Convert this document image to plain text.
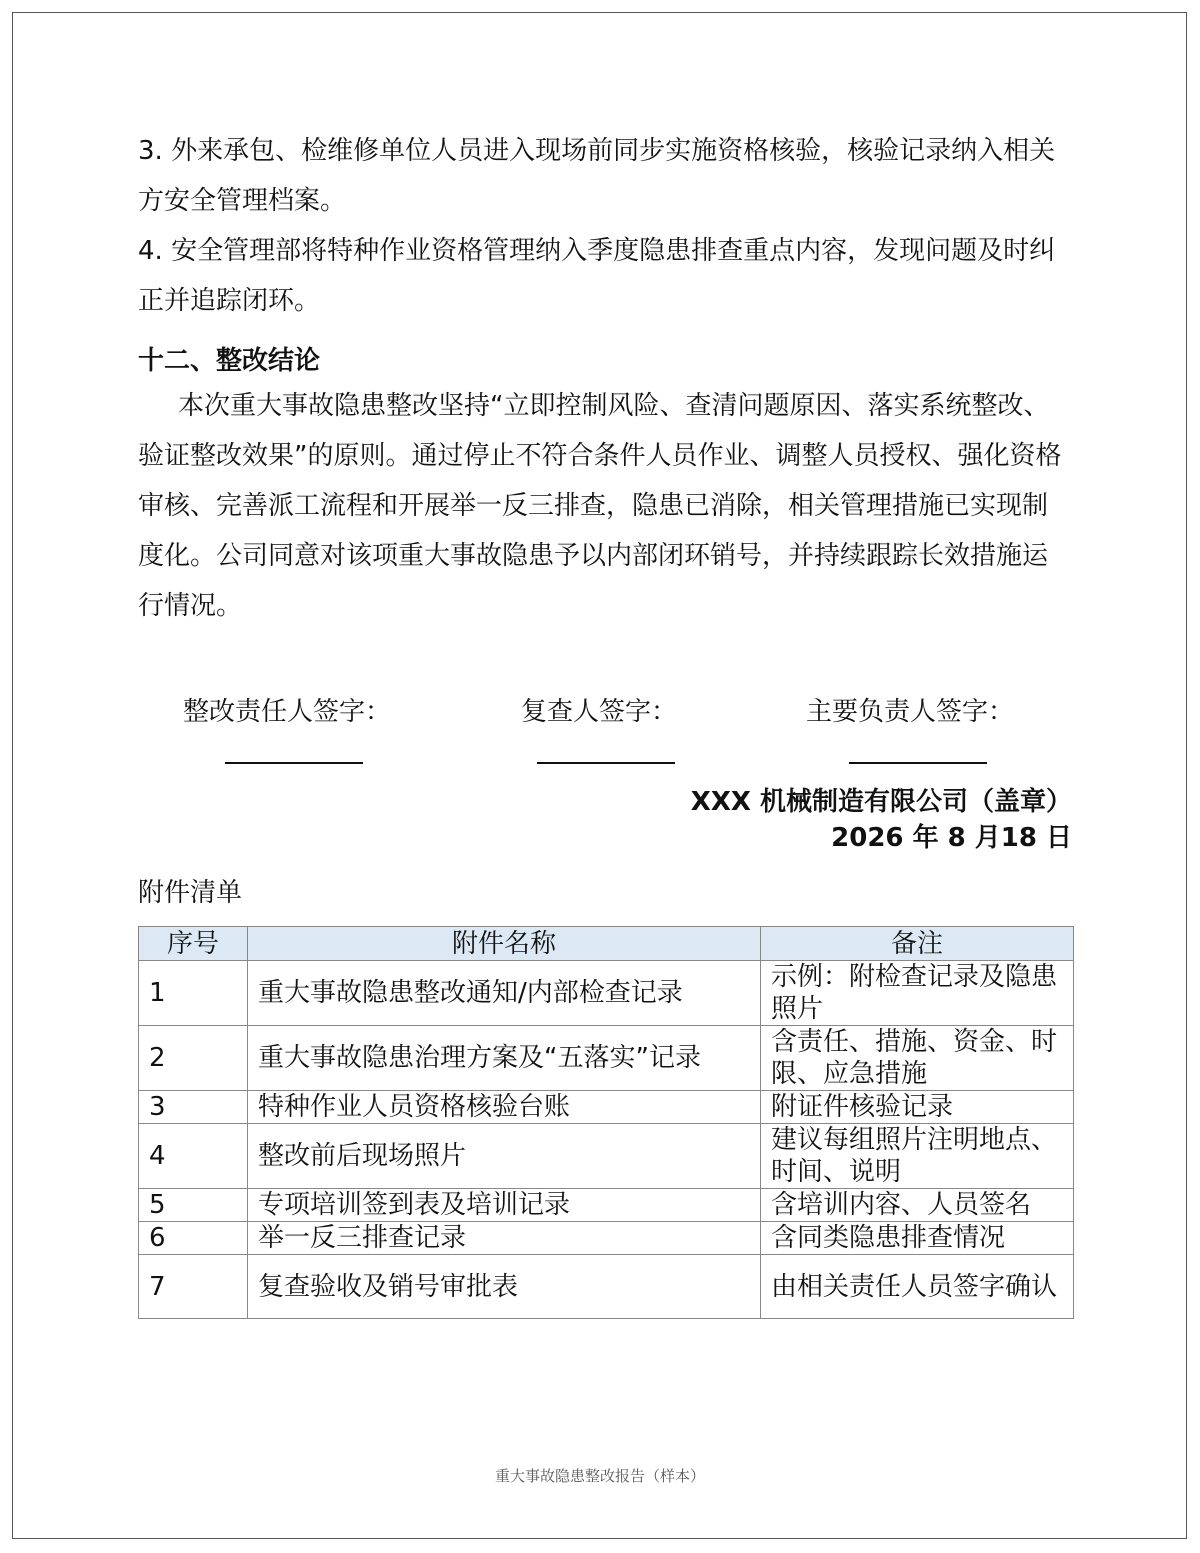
3. 外来承包、检维修单位人员进入现场前同步实施资格核验，核验记录纳入相关方安全管理档案。

4. 安全管理部将特种作业资格管理纳入季度隐患排查重点内容，发现问题及时纠正并追踪闭环。

十二、整改结论

本次重大事故隐患整改坚持“立即控制风险、查清问题原因、落实系统整改、验证整改效果”的原则。通过停止不符合条件人员作业、调整人员授权、强化资格审核、完善派工流程和开展举一反三排查，隐患已消除，相关管理措施已实现制度化。公司同意对该项重大事故隐患予以内部闭环销号，并持续跟踪长效措施运行情况。

整改责任人签字：	复查人签字：	主要负责人签字：
XXX 机械制造有限公司（盖章）
2026 年 8 月18 日
附件清单
序号	附件名称	备注
1	重大事故隐患整改通知/内部检查记录	示例：附检查记录及隐患照片
2	重大事故隐患治理方案及“五落实”记录	含责任、措施、资金、时限、应急措施
3	特种作业人员资格核验台账	附证件核验记录
4	整改前后现场照片	建议每组照片注明地点、时间、说明
5	专项培训签到表及培训记录	含培训内容、人员签名
6	举一反三排查记录	含同类隐患排查情况
7	复查验收及销号审批表	由相关责任人员签字确认
重大事故隐患整改报告（样本）
